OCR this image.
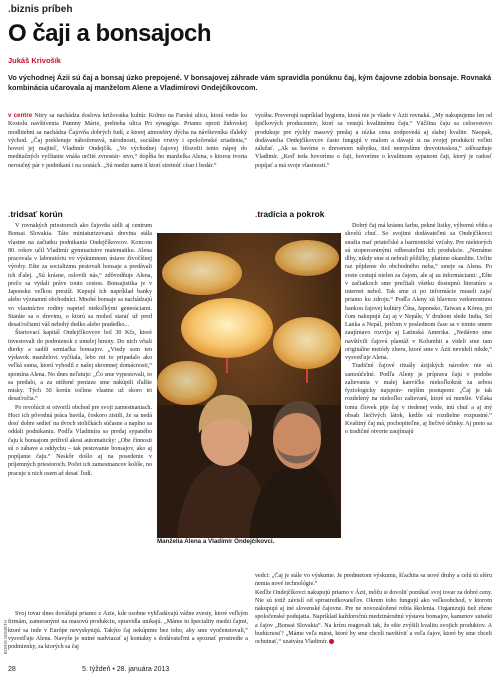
.biznis príbeh
O čaji a bonsajoch
Jukáš Krivošík
Vo východnej Ázii sú čaj a bonsaj úzko prepojené. V bonsajovej záhrade vám spravidla ponúknu čaj, kým čajovne zdobia bonsaje. Rovnaká kombinácia učarovala aj manželom Alene a Vladimírovi Ondejčíkovcom.
v centre Nitry sa nachádza doslova križovatka kultúr. Kolmo na Farskú ulicu, ktorá vedie ku Kostolu navštívenia Pannny Márie, prebieha ulica Pri synagóge. Priamo oproti židovskej modlitebni sa nachádza Čajovňa dobrých fudí, z ktorej atmosféry dýcha na návštevníka ďaleký východ. „Čaj preklenuje náboženstvá, národnosti, sociálne vrstvy i spoločenské zriadenia,“ hovorí jej majiteľ, Vladimír Ondejčík. „Vo východnej čajovej filozofii tento nápoj do meditačných vyčítanie vnáša určité zvnostár- stvo,“ dopĺňa ho manželka Alena, s ktorou tvoria neroučný pár v podnikaní i na cestách. „Sú medzi nami tí ktorí stretnúť císar i bedár.“
vyrába. Preverujú napríklad hygienu, ktorá nie je všade v Ázii rovnaká. „My nakupujeme len od špičkových producentov, ktorí sa venujú kvalitnému čaju.“ Väčšina čaju sa celosvetovo produkuje pre rýchly masový predaj a nízka cena zodpovedá aj slabej kvalite. Naopak, dodávatelia Ondejčíkovcov často fungujú v malom a dávajú si na svojej produkcii veľmi záležať. „Ak sa bavíme o drevenom nábytku, tiež nemyslíme drevotrieskou,“ zdôrazňuje Vladimír. „Keď teda hovoríme o čaji, hovoríme o kvalitnom sypanom čaji, ktorý je radosť popíjať a má svoje vlastnosti.“
.tridsať korún	.tradícia a pokrok

V rovnakých priestoroch ako čajovňa sídli aj centrum Bonsai Slovakia. Táto miniaturizovaná drevina stála vlastne na začiatku podnikania Ondejčíkovcov. Koncom 80. rokov učil Vladimír gymnazistov matematiku. Alena pracovala v laboratóriu vo výskumnom ústave živočíšnej výroby. Ešte za socializmu pestovali bonsaje a predávali ich ďalej. „Sú krásne, oslovili nás,“ zdôvodňuje Alena, prečo sa vydali práve touto cestou. Bonsajistika je v Japonsku veľkou prestíž. Kupujú ich napríklad banky alebo významní obchodníci. Mnohé bonsaje sa nachádzajú vo vlastníctve rodiny naprieč niekoľkými generáciami. Staráte sa o drevinu, o ktorú sa mohol starať už pred desaťročiami váš nebohý dedko alebo pradedko...

Štartovací kapitál Ondejčíkovcov bol 30 Kčs, ktoré investovali do podmienok z umelej hmoty. Do nich vŕtali dierky a sadili semiačka bonsajov. „Vtedy som ten výdavok manželovi vyčítala, lebo mi to pripadalo ako veľká suma, ktorú vyhodil z našej skromnej domácnosti,“ spomína Alena. No dnes neľutuje: „Čo sme vypestovali, to sa predalo, a za utŕžené peniaze sme nakúpili ďalšie misky. Tých 30 korún točíme vlastne už skoro tri desaťročia.“

Po revolúcii si otvorili obchod pre svoji zamestnaniach. Hoci ich pôvodná práca bavila, čoskoro zistili, že sa nedá dosť dobre sedieť na dvoch stoličkách súčasne a naplno sa oddali podnikaniu. Podľa Vladimíra sa predaj sypaného čaju k bonsajom priživil akosi automaticky: „Obe činnosti sú o zábave a oddychu – tak pestovanie bonsajov, ako aj popíjanie čaju.“ Neskôr došlo aj na posedenie v príjemných priestoroch. Počet ich zamestnancov kolíše, no pracuje u nich osem až desať ľudí.

Svoj tovar dnes dovážajú priamo z Ázie, kde osobne vyhľadávajú vážne zvesty, ktoré veľkým firmám, zameranými na masovú produkciu, spravidla unikajú. „Máme tu špeciality medzi čajmi, ktoré sa inde v Európe nevyskytujú. Takýto čaj nekúpime bez toho, aby sme vyočenstovali,“ vysvetľuje Alena. Navyše je nutné nadviazať aj kontakty s dodávateľmi a spoznať prostredie a podmienky, za ktorých sa čaj

Dobrý čaj má krásnu farbu, pekné listky, výbornú vôňu a skvelú chuť. So svojimi dodávateľmi sa Ondejčíkovci snažia mať priateľské a harmonické vzťahy. Pre niektorých sú stopercentnými odberateľmi ich produkcie. „Nemáme dlhy, nikdy sme si nebrali pôžičky, platíme okamžite. Určite raz pôjdeme do obchodného neba,“ smeje sa Alena. Po svete cestujú nielen za čajom, ale aj za informáciami: „Ešte v začiatkoch sme prečítali všetku dostupnú literatúru a internet nebol. Tak sme si po informácie museli zajsť priamo ku zdroju.“ Podľa Aleny sú hlavnou vedomostnou bankou čajovej kultúry Čína, Japonsko, Taiwan a Kórea, pri čom nakupujú čaj aj v Nepále, V druhom slede India, Srí Lanka a Nepál, pričom v poslednom čase sa v tomto smere zaujímavo rozvíja aj Latinská Amerika. „Nedávno sme navštívili čajovú plantáž v Kolumbii a videli sme tam originálne metódy zberu, ktoré sme v Ázii nevideli nikde,“ vysvetľuje Alena.

Tradičné čajové rituály ázijských národov nie sú samoúčelné. Podľa Aleny je príprava čaju v podobe zalievania v malej kanvičke niekoľkokrát za sebou fyziologicky najspráv- nejším postupom: „Čaj je tak rozdelený na niekoľko zalievaní, ktoré sú menšie. Vďaka tomu človek pije čaj v riedenej vode, inú chuť a aj iný obsah liečivých látok, kedže sú rozdielne rozpustné.“ Kvalitný čaj má, pochopiteľne, aj liečivé účinky. Aj preto sa o tradičné otvorte zaujímajú

vedci: „Čaj je stále vo výskume. Je predmetom výskumu, šťachtia sa nové druhy a celú tú sféru nemia nové technológie.“
Keďže Ondejčíkovci nakupujú priamo v Ázii, môžu si dovoliť ponúkať svoj tovar za dobré ceny. Nie sú totiž závislí od sprostredkovateľov. Okrem toho fungujú ako veľkoobchod, v ktorom nakupujú aj iné slovenské čajovne. Pre ne novozaložené robia školenia. Organizujú tiež rôzne spoločenské podujatia. Napríklad každoročnú medzinárodnú výstavu bonsajov, kamenov suiseki a čajov „Bonsai Slovakia“. Na krízu reagovali tak, že ešte zvýšili kvalitu svojich produktov. A budúcnosť? „Máme veľa miest, ktoré by sme chceli navštíviť a veľa čajov, ktoré by sme chceli ochutnať,“ uzatvára Vladimír.
Manželia Alena a Vladimír Ondejčíkovci.
BORIS NEMETH
28	5. týždeň • 28. januára 2013
